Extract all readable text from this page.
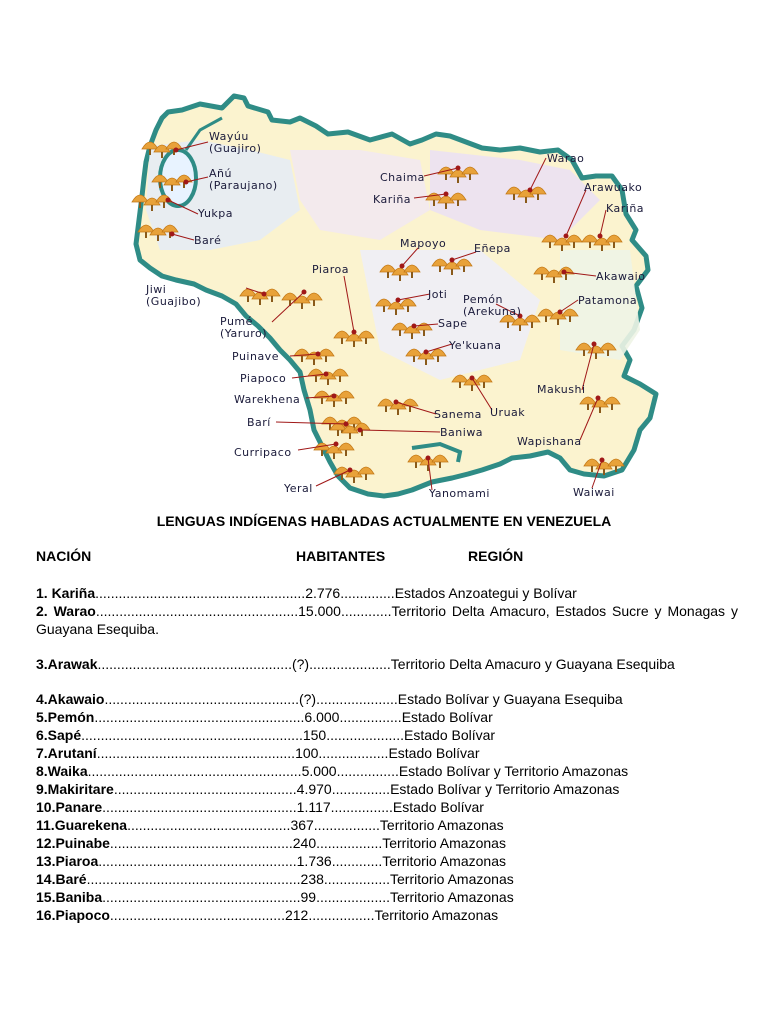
Wayúu
(Guajiro)
Añú
(Paraujano)
Yukpa
Baré
Jiwi
(Guajibo)
Pumé
(Yaruro)
Puinave
Piapoco
Warekhena
Barí
Curripaco
Yeral
Chaima
Kariña
Warao
Arawuako
Kariña
Akawaio
Mapoyo	Eñepa
Piaroa
Joti Pemón
(Arekuna)
Patamona
Sape
Ye'kuana
Makushi
Sanema Uruak
Baniwa
Wapishana
Yanomami	Waiwai
LENGUAS INDÍGENAS HABLADAS ACTUALMENTE EN VENEZUELA
NACIÓN	HABITANTES	REGIÓN
1. Kariña......................................................2.776..............Estados Anzoategui y Bolívar
2. Warao....................................................15.000.............Territorio Delta Amacuro, Estados Sucre y Monagas y Guayana Esequiba.
3.Arawak..................................................(?).....................Territorio Delta Amacuro y Guayana Esequiba
4.Akawaio..................................................(?).....................Estado Bolívar y Guayana Esequiba
5.Pemón......................................................6.000................Estado Bolívar
6.Sapé.........................................................150....................Estado Bolívar
7.Arutaní...................................................100..................Estado Bolívar
8.Waika.......................................................5.000................Estado Bolívar y Territorio Amazonas
9.Makiritare...............................................4.970...............Estado Bolívar y Territorio Amazonas
10.Panare..................................................1.117................Estado Bolívar
11.Guarekena..........................................367.................Territorio Amazonas
12.Puinabe...............................................240.................Territorio Amazonas
13.Piaroa...................................................1.736.............Territorio Amazonas
14.Baré.......................................................238.................Territorio Amazonas
15.Baniba...................................................99...................Territorio Amazonas
16.Piapoco.............................................212.................Territorio Amazonas
